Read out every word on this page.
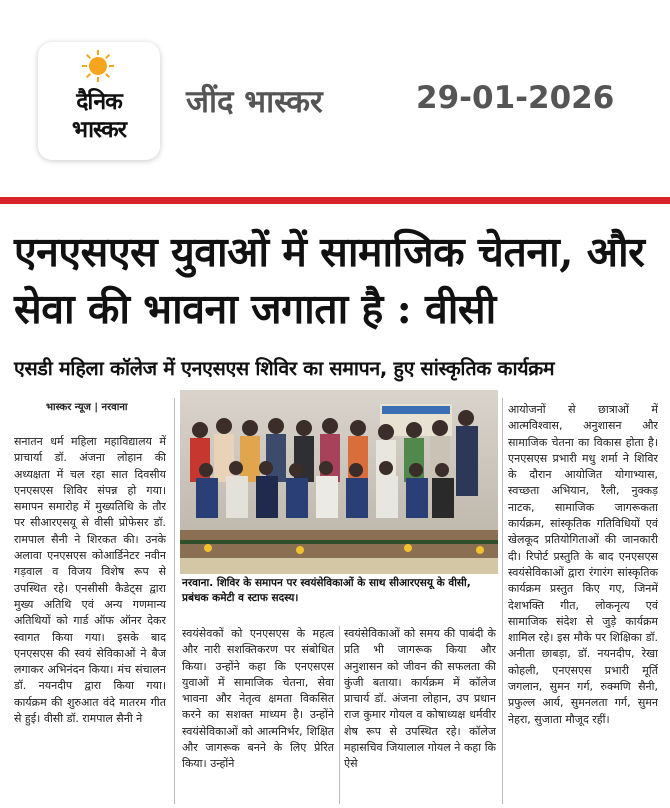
दैनिक
भास्कर
जींद भास्कर	29-01-2026
एनएसएस युवाओं में सामाजिक चेतना, और सेवा की भावना जगाता है : वीसी
एसडी महिला कॉलेज में एनएसएस शिविर का समापन, हुए सांस्कृतिक कार्यक्रम
भास्कर न्यूज | नरवाना
सनातन धर्म महिला महाविद्यालय में प्राचार्या डॉ. अंजना लोहान की अध्यक्षता में चल रहा सात दिवसीय एनएसएस शिविर संपन्न हो गया। समापन समारोह में मुख्यतिथि के तौर पर सीआरएसयू से वीसी प्रोफेसर डॉ. रामपाल सैनी ने शिरकत की। उनके अलावा एनएसएस कोआर्डिनेटर नवीन गड़वाल व विजय विशेष रूप से उपस्थित रहे। एनसीसी कैडेट्स द्वारा मुख्य अतिथि एवं अन्य गणमान्य अतिथियों को गार्ड ऑफ ऑनर देकर स्वागत किया गया। इसके बाद एनएसएस की स्वयं सेविकाओं ने बैज लगाकर अभिनंदन किया। मंच संचालन डॉ. नयनदीप द्वारा किया गया। कार्यक्रम की शुरुआत वंदे मातरम गीत से हुई। वीसी डॉ. रामपाल सैनी ने
नरवाना. शिविर के समापन पर स्वयंसेविकाओं के साथ सीआरएसयू के वीसी, प्रबंधक कमेटी व स्टाफ सदस्य।
स्वयंसेवकों को एनएसएस के महत्व और नारी सशक्तिकरण पर संबोधित किया। उन्होंने कहा कि एनएसएस युवाओं में सामाजिक चेतना, सेवा भावना और नेतृत्व क्षमता विकसित करने का सशक्त माध्यम है। उन्होंने स्वयंसेविकाओं को आत्मनिर्भर, शिक्षित और जागरूक बनने के लिए प्रेरित किया। उन्होंने
स्वयंसेविकाओं को समय की पाबंदी के प्रति भी जागरूक किया और अनुशासन को जीवन की सफलता की कुंजी बताया। कार्यक्रम में कॉलेज प्राचार्य डॉ. अंजना लोहान, उप प्रधान राज कुमार गोयल व कोषाध्यक्ष धर्मवीर शेष रूप से उपस्थित रहे। कॉलेज महासचिव जियालाल गोयल ने कहा कि ऐसे
आयोजनों से छात्राओं में आत्मविश्वास, अनुशासन और सामाजिक चेतना का विकास होता है। एनएसएस प्रभारी मधु शर्मा ने शिविर के दौरान आयोजित योगाभ्यास, स्वच्छता अभियान, रैली, नुक्कड़ नाटक, सामाजिक जागरूकता कार्यक्रम, सांस्कृतिक गतिविधियों एवं खेलकूद प्रतियोगिताओं की जानकारी दी। रिपोर्ट प्रस्तुति के बाद एनएसएस स्वयंसेविकाओं द्वारा रंगारंग सांस्कृतिक कार्यक्रम प्रस्तुत किए गए, जिनमें देशभक्ति गीत, लोकनृत्य एवं सामाजिक संदेश से जुड़े कार्यक्रम शामिल रहे। इस मौके पर शिक्षिका डॉ. अनीता छाबड़ा, डॉ. नयनदीप, रेखा कोहली, एनएसएस प्रभारी मूर्ति जगलान, सुमन गर्ग, रुक्मणि सैनी, प्रफुल्ल आर्य, सुमनलता गर्ग, सुमन नेहरा, सुजाता मौजूद रहीं।
